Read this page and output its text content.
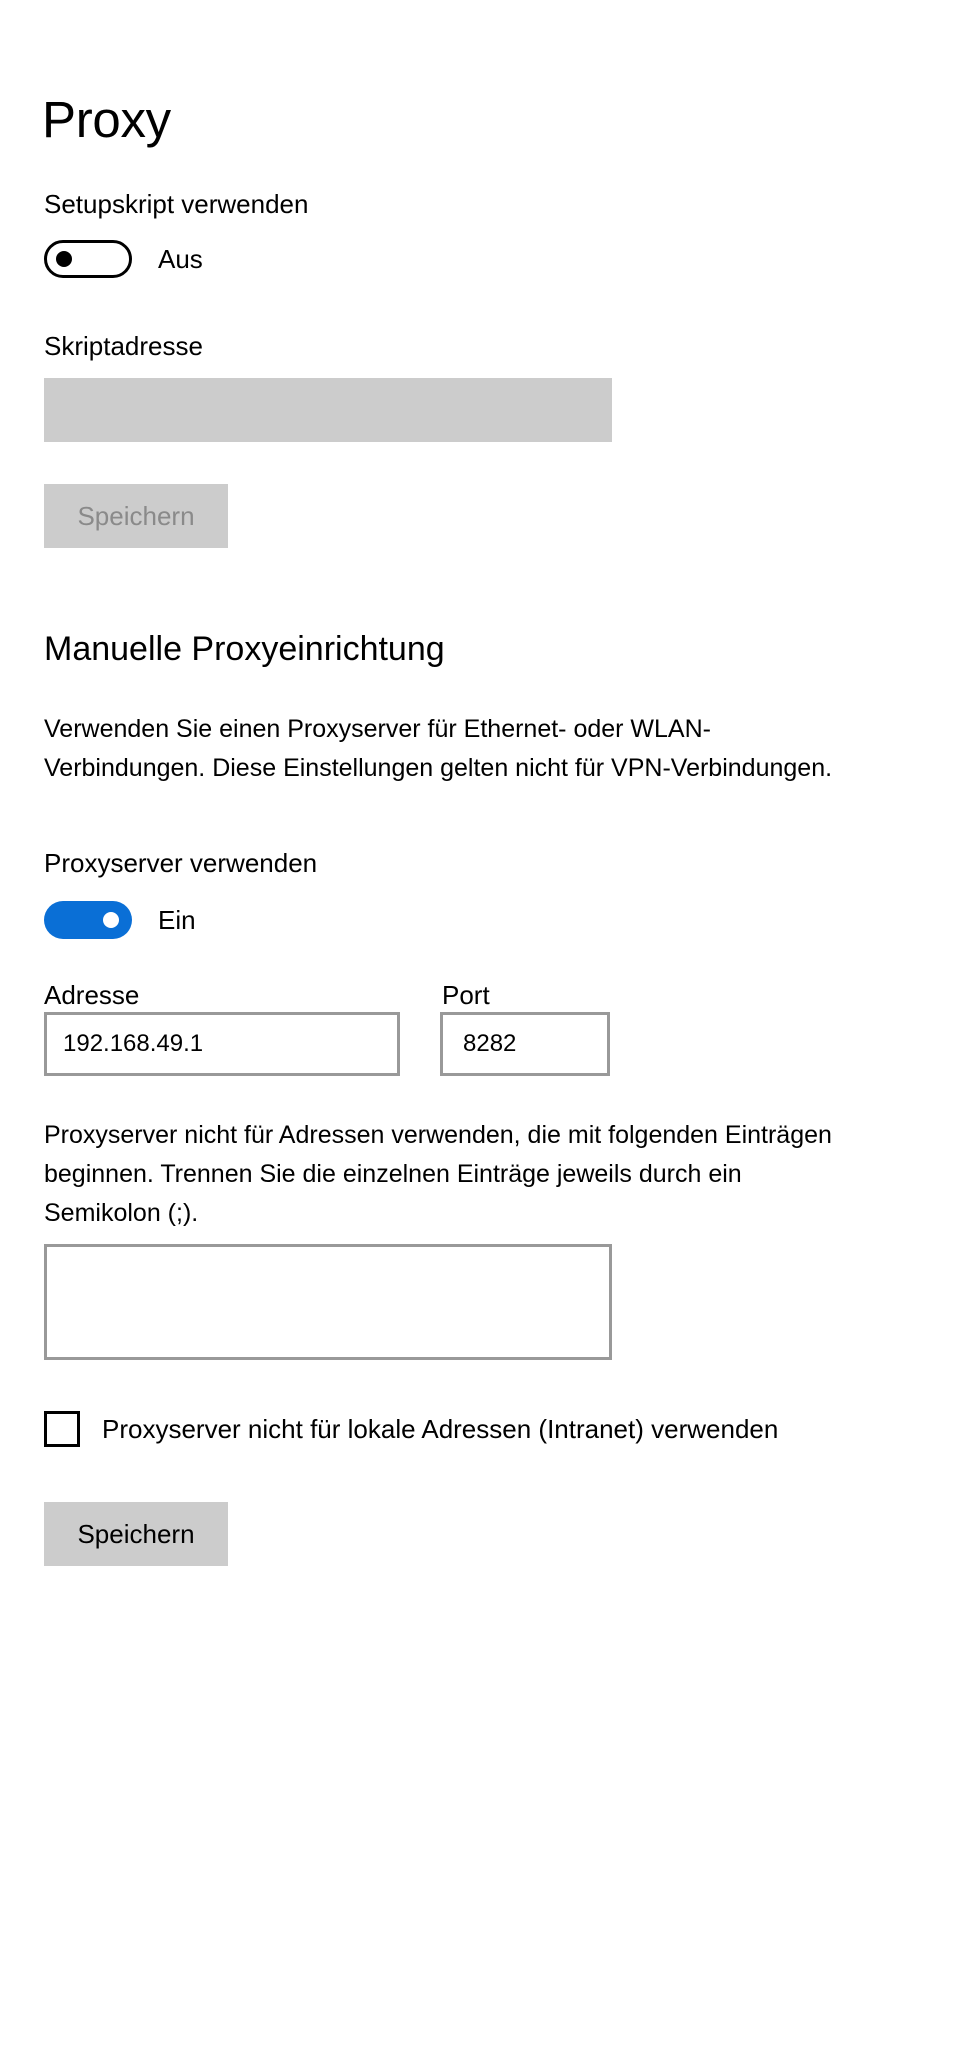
Proxy
Setupskript verwenden
Aus
Skriptadresse
Speichern
Manuelle Proxyeinrichtung
Verwenden Sie einen Proxyserver für Ethernet- oder WLAN-
Verbindungen. Diese Einstellungen gelten nicht für VPN-Verbindungen.
Proxyserver verwenden
Ein
Adresse	Port
192.168.49.1	8282
Proxyserver nicht für Adressen verwenden, die mit folgenden Einträgen
beginnen. Trennen Sie die einzelnen Einträge jeweils durch ein
Semikolon (;).
Proxyserver nicht für lokale Adressen (Intranet) verwenden
Speichern
